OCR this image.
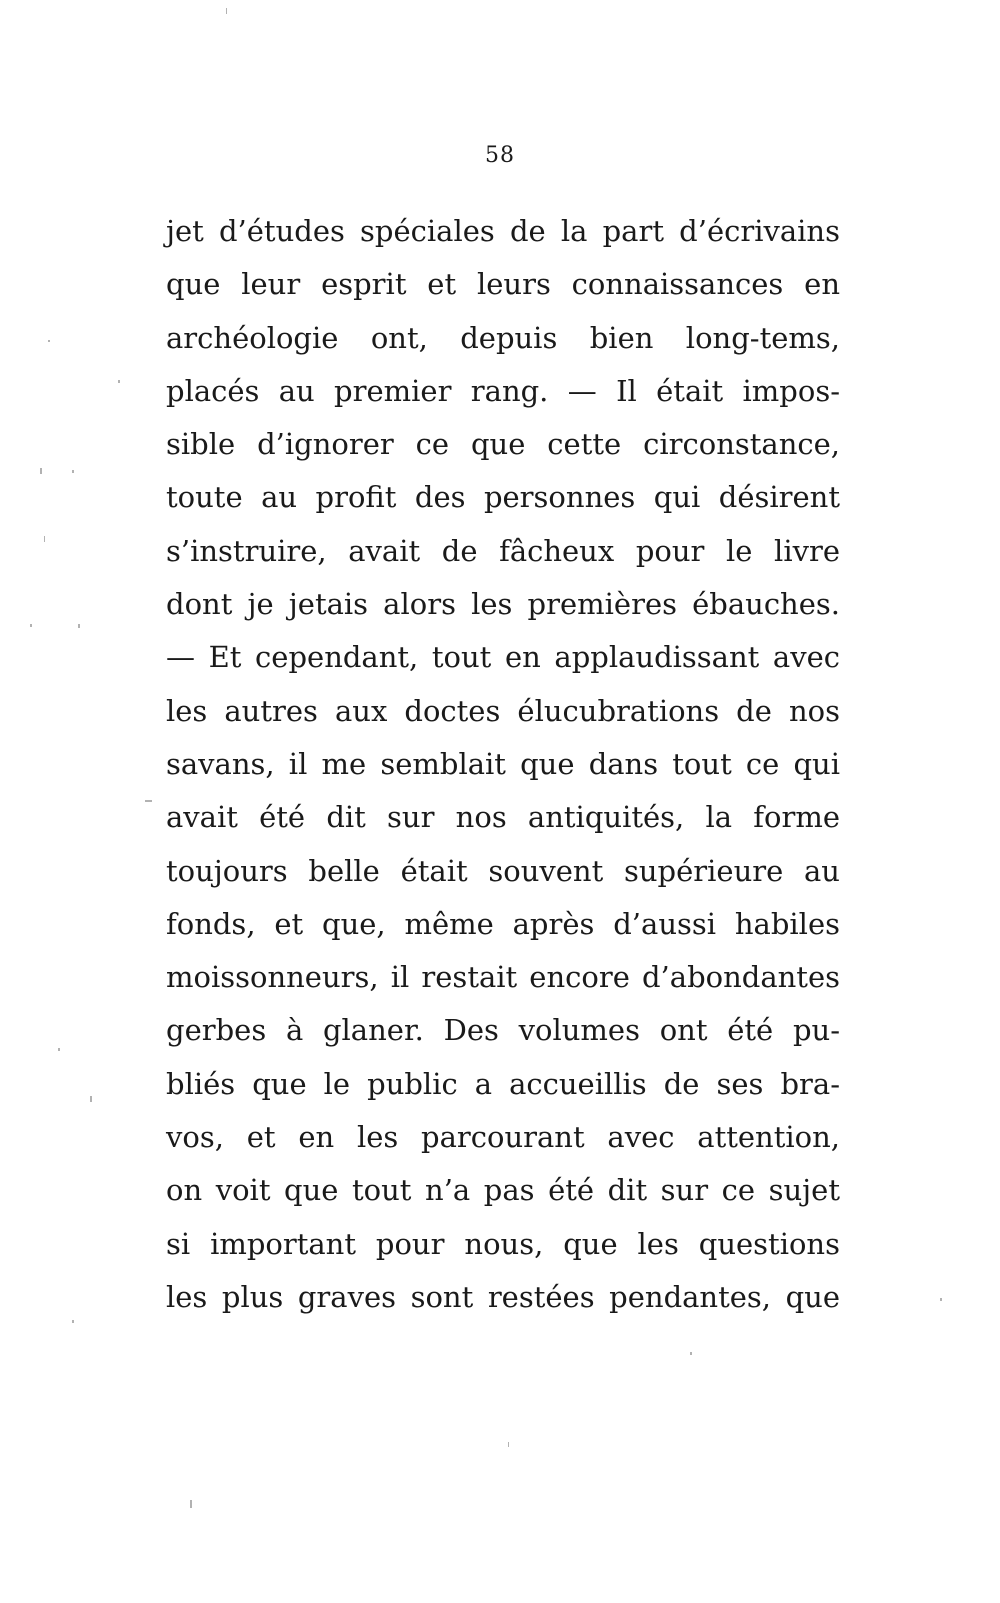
58
jet d’études spéciales de la part d’écrivains
que leur esprit et leurs connaissances en
archéologie ont, depuis bien long-tems,
placés au premier rang. — Il était impos-
sible d’ignorer ce que cette circonstance,
toute au profit des personnes qui désirent
s’instruire, avait de fâcheux pour le livre
dont je jetais alors les premières ébauches.
— Et cependant, tout en applaudissant avec
les autres aux doctes élucubrations de nos
savans, il me semblait que dans tout ce qui
avait été dit sur nos antiquités, la forme
toujours belle était souvent supérieure au
fonds, et que, même après d’aussi habiles
moissonneurs, il restait encore d’abondantes
gerbes à glaner. Des volumes ont été pu-
bliés que le public a accueillis de ses bra-
vos, et en les parcourant avec attention,
on voit que tout n’a pas été dit sur ce sujet
si important pour nous, que les questions
les plus graves sont restées pendantes, que
